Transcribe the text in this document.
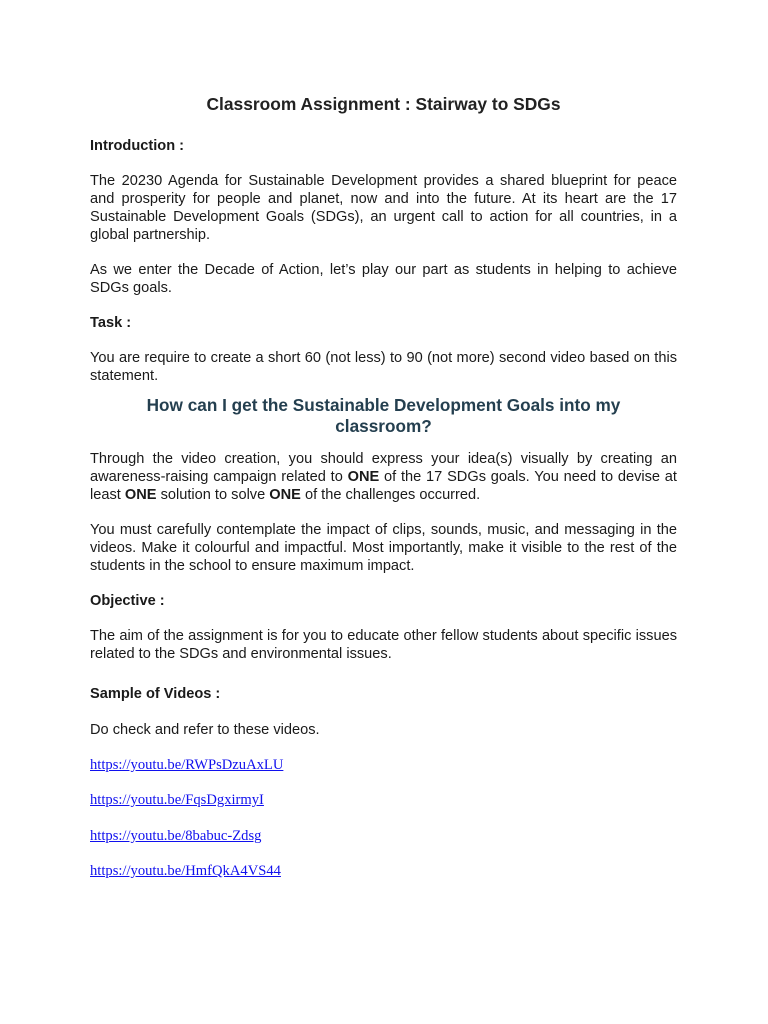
Classroom Assignment : Stairway to SDGs

Introduction :

The 20230 Agenda for Sustainable Development provides a shared blueprint for peace and prosperity for people and planet, now and into the future. At its heart are the 17 Sustainable Development Goals (SDGs), an urgent call to action for all countries, in a global partnership.

As we enter the Decade of Action, let’s play our part as students in helping to achieve SDGs goals.

Task :

You are require to create a short 60 (not less) to 90 (not more) second video based on this statement.

How can I get the Sustainable Development Goals into my classroom?

Through the video creation, you should express your idea(s) visually by creating an awareness-raising campaign related to ONE of the 17 SDGs goals. You need to devise at least ONE solution to solve ONE of the challenges occurred.

You must carefully contemplate the impact of clips, sounds, music, and messaging in the videos. Make it colourful and impactful. Most importantly, make it visible to the rest of the students in the school to ensure maximum impact.

Objective :

The aim of the assignment is for you to educate other fellow students about specific issues related to the SDGs and environmental issues.

Sample of Videos :

Do check and refer to these videos.

https://youtu.be/RWPsDzuAxLU
https://youtu.be/FqsDgxirmyI
https://youtu.be/8babuc-Zdsg
https://youtu.be/HmfQkA4VS44
